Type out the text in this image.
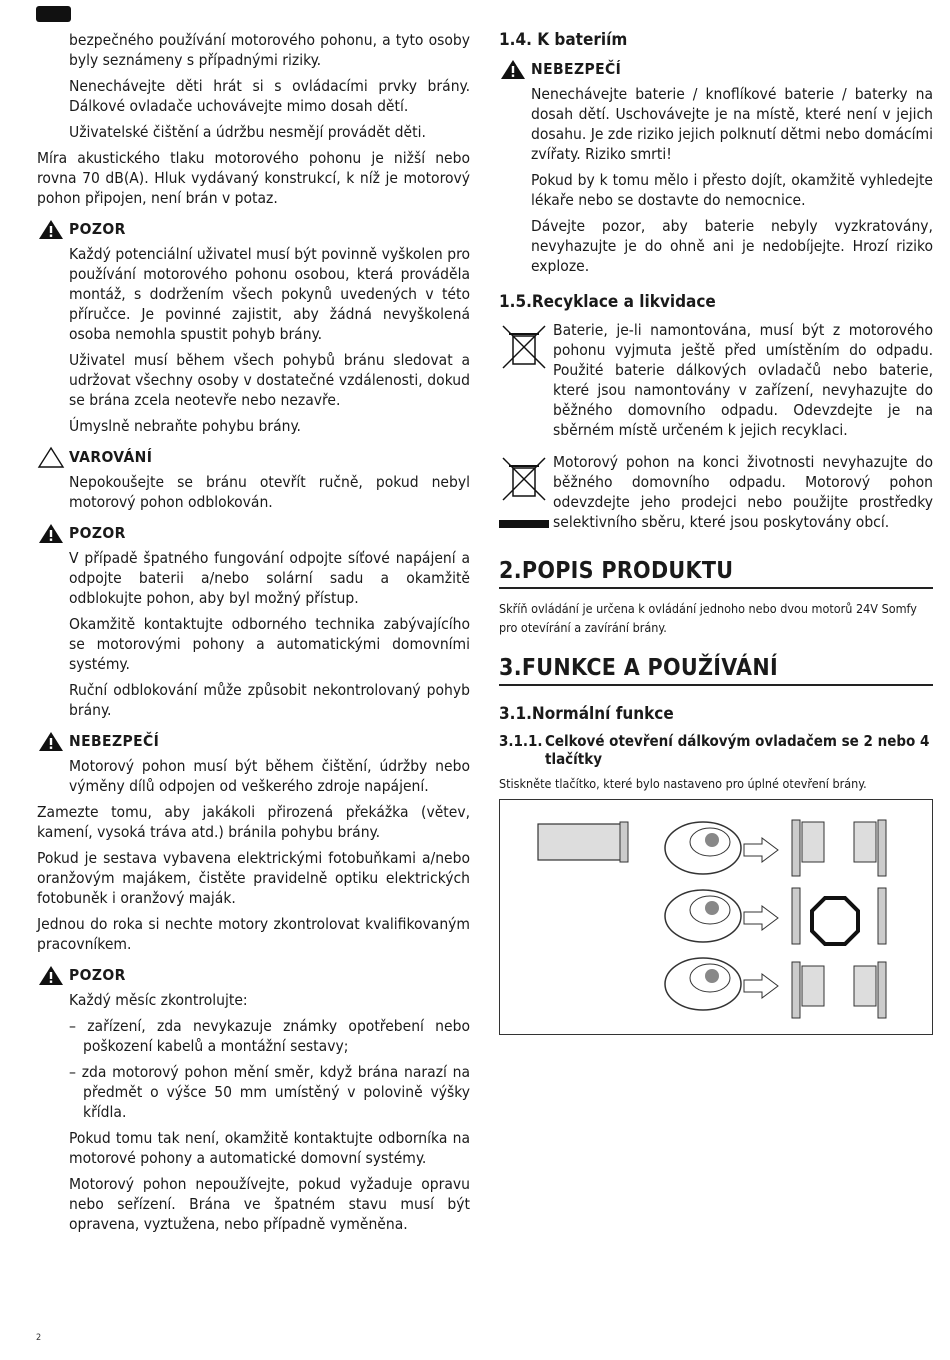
bezpečného používání motorového pohonu, a tyto osoby byly seznámeny s případnými riziky.

Nenechávejte děti hrát si s ovládacími prvky brány. Dálkové ovladače uchovávejte mimo dosah dětí.

Uživatelské čištění a údržbu nesmějí provádět děti.

Míra akustického tlaku motorového pohonu je nižší nebo rovna 70 dB(A). Hluk vydávaný konstrukcí, k níž je motorový pohon připojen, není brán v potaz.

POZOR

Každý potenciální uživatel musí být povinně vyškolen pro používání motorového pohonu osobou, která prováděla montáž, s dodržením všech pokynů uvedených v této příručce. Je povinné zajistit, aby žádná nevyškolená osoba nemohla spustit pohyb brány.

Uživatel musí během všech pohybů bránu sledovat a udržovat všechny osoby v dostatečné vzdálenosti, dokud se brána zcela neotevře nebo nezavře.

Úmyslně nebraňte pohybu brány.

VAROVÁNÍ

Nepokoušejte se bránu otevřít ručně, pokud nebyl motorový pohon odblokován.

POZOR

V případě špatného fungování odpojte síťové napájení a odpojte baterii a/nebo solární sadu a okamžitě odblokujte pohon, aby byl možný přístup.

Okamžitě kontaktujte odborného technika zabývajícího se motorovými pohony a automatickými domovními systémy.

Ruční odblokování může způsobit nekontrolovaný pohyb brány.

NEBEZPEČÍ

Motorový pohon musí být během čištění, údržby nebo výměny dílů odpojen od veškerého zdroje napájení.

Zamezte tomu, aby jakákoli přirozená překážka (větev, kamení, vysoká tráva atd.) bránila pohybu brány.

Pokud je sestava vybavena elektrickými fotobuňkami a/nebo oranžovým majákem, čistěte pravidelně optiku elektrických fotobuněk i oranžový maják.

Jednou do roka si nechte motory zkontrolovat kvalifikovaným pracovníkem.

POZOR

Každý měsíc zkontrolujte:

– zařízení, zda nevykazuje známky opotřebení nebo poškození kabelů a montážní sestavy;

– zda motorový pohon mění směr, když brána narazí na předmět o výšce 50 mm umístěný v polovině výšky křídla.

Pokud tomu tak není, okamžitě kontaktujte odborníka na motorové pohony a automatické domovní systémy.

Motorový pohon nepoužívejte, pokud vyžaduje opravu nebo seřízení. Brána ve špatném stavu musí být opravena, vyztužena, nebo případně vyměněna.

1.4. K bateriím
NEBEZPEČÍ

Nenechávejte baterie / knoflíkové baterie / baterky na dosah dětí. Uschovávejte je na místě, které není v jejich dosahu. Je zde riziko jejich polknutí dětmi nebo domácími zvířaty. Riziko smrti!

Pokud by k tomu mělo i přesto dojít, okamžitě vyhledejte lékaře nebo se dostavte do nemocnice.

Dávejte pozor, aby baterie nebyly vyzkratovány, nevyhazujte je do ohně ani je nedobíjejte. Hrozí riziko exploze.

1.5.Recyklace a likvidace

Baterie, je-li namontována, musí být z motorového pohonu vyjmuta ještě před umístěním do odpadu. Použité baterie dálkových ovladačů nebo baterie, které jsou namontovány v zařízení, nevyhazujte do běžného domovního odpadu. Odevzdejte je na sběrném místě určeném k jejich recyklaci.

Motorový pohon na konci životnosti nevyhazujte do běžného domovního odpadu. Motorový pohon odevzdejte jeho prodejci nebo použijte prostředky selektivního sběru, které jsou poskytovány obcí.

2.POPIS PRODUKTU

Skříň ovládání je určena k ovládání jednoho nebo dvou motorů 24V Somfy pro otevírání a zavírání brány.

3.FUNKCE A POUŽÍVÁNÍ
3.1.Normální funkce
3.1.1. Celkové otevření dálkovým ovladačem se 2 nebo 4 tlačítky

Stiskněte tlačítko, které bylo nastaveno pro úplné otevření brány.

2
